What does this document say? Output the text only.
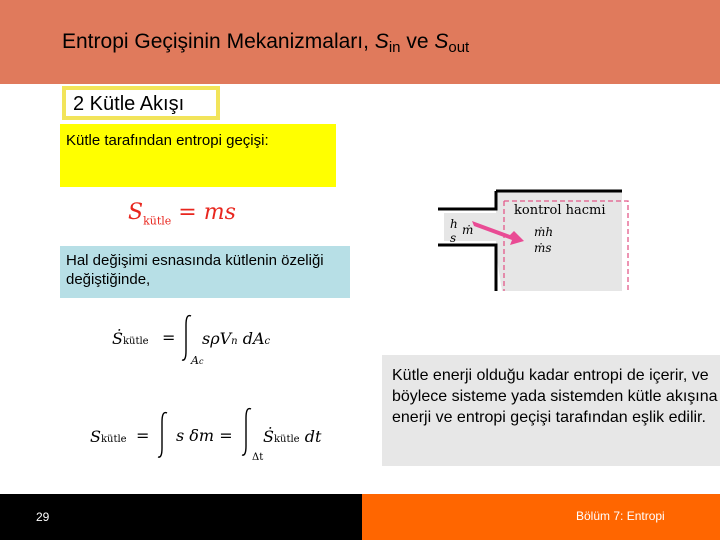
Entropi Geçişinin Mekanizmaları, $S_{in}$ ve $S_{out}$
2 Kütle Akışı
Kütle tarafından entropi geçişi:
$S_{kütle}$ = ms
Hal değişimi esnasında kütlenin özeliği değiştiğinde,
Ṡkütle =
Ac
sρVn dAc
Skütle = s δm =
Δt
Ṡkütle dt
kontrol hacmi
h
s
ṁ	ṁh
ṁs
Kütle enerji olduğu kadar entropi de içerir, ve böylece sisteme yada sistemden kütle akışına enerji ve entropi geçişi tarafından eşlik edilir.
29	Bölüm 7: Entropi
